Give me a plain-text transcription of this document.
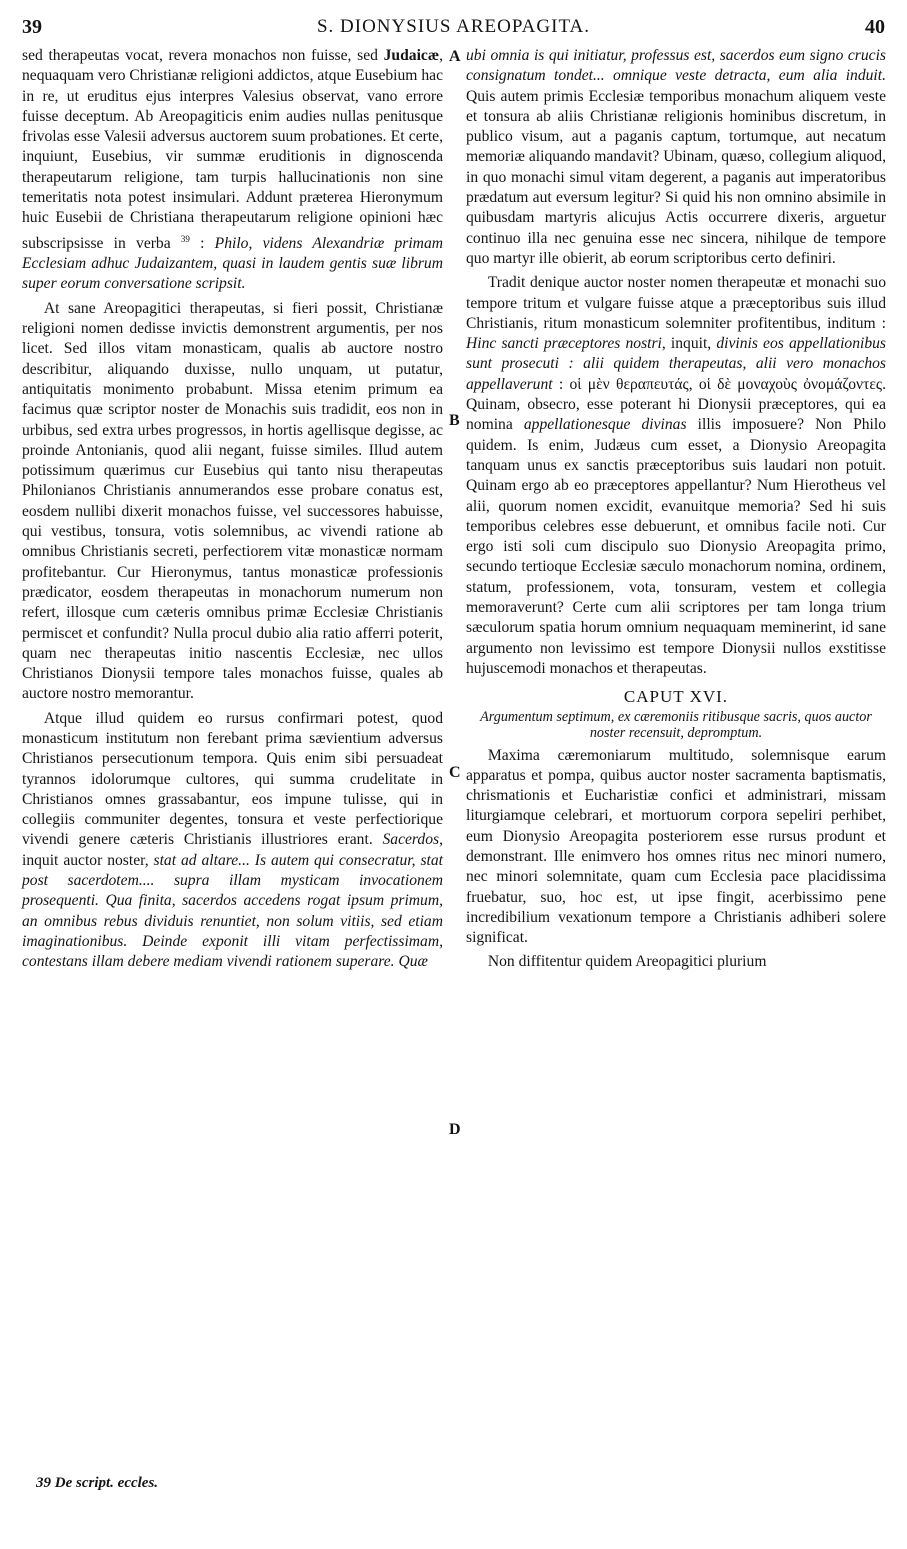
39	S. DIONYSIUS AREOPAGITA.	40

sed therapeutas vocat, revera monachos non fuisse, sed Judaicæ, nequaquam vero Christianæ religioni addictos, atque Eusebium hac in re, ut eruditus ejus interpres Valesius observat, vano errore fuisse deceptum. Ab Areopagiticis enim audies nullas penitusque frivolas esse Valesii adversus auctorem suum probationes. Et certe, inquiunt, Eusebius, vir summæ eruditionis in dignoscenda therapeutarum religione, tam turpis hallucinationis non sine temeritatis nota potest insimulari. Addunt præterea Hieronymum huic Eusebii de Christiana therapeutarum religione opinioni hæc subscripsisse in verba $^{39}$ : Philo, videns Alexandriæ primam Ecclesiam adhuc Judaizantem, quasi in laudem gentis suæ librum super eorum conversatione scripsit.

At sane Areopagitici therapeutas, si fieri possit, Christianæ religioni nomen dedisse invictis demonstrent argumentis, per nos licet. Sed illos vitam monasticam, qualis ab auctore nostro describitur, aliquando duxisse, nullo unquam, ut putatur, antiquitatis monimento probabunt. Missa etenim primum ea facimus quæ scriptor noster de Monachis suis tradidit, eos non in urbibus, sed extra urbes progressos, in hortis agellisque degisse, ac proinde Antonianis, quod alii negant, fuisse similes. Illud autem potissimum quærimus cur Eusebius qui tanto nisu therapeutas Philonianos Christianis annumerandos esse probare conatus est, eosdem nullibi dixerit monachos fuisse, vel successores habuisse, qui vestibus, tonsura, votis solemnibus, ac vivendi ratione ab omnibus Christianis secreti, perfectiorem vitæ monasticæ normam profitebantur. Cur Hieronymus, tantus monasticæ professionis prædicator, eosdem therapeutas in monachorum numerum non refert, illosque cum cæteris omnibus primæ Ecclesiæ Christianis permiscet et confundit? Nulla procul dubio alia ratio afferri poterit, quam nec therapeutas initio nascentis Ecclesiæ, nec ullos Christianos Dionysii tempore tales monachos fuisse, quales ab auctore nostro memorantur.

Atque illud quidem eo rursus confirmari potest, quod monasticum institutum non ferebant prima sævientium adversus Christianos persecutionum tempora. Quis enim sibi persuadeat tyrannos idolorumque cultores, qui summa crudelitate in Christianos omnes grassabantur, eos impune tulisse, qui in collegiis communiter degentes, tonsura et veste perfectiorique vivendi genere cæteris Christianis illustriores erant. Sacerdos, inquit auctor noster, stat ad altare... Is autem qui consecratur, stat post sacerdotem.... supra illam mysticam invocationem prosequenti. Qua finita, sacerdos accedens rogat ipsum primum, an omnibus rebus dividuis renuntiet, non solum vitiis, sed etiam imaginationibus. Deinde exponit illi vitam perfectissimam, contestans illam debere mediam vivendi rationem superare. Quæ

ubi omnia is qui initiatur, professus est, sacerdos eum signo crucis consignatum tondet... omnique veste detracta, eum alia induit. Quis autem primis Ecclesiæ temporibus monachum aliquem veste et tonsura ab aliis Christianæ religionis hominibus discretum, in publico visum, aut a paganis captum, tortumque, aut necatum memoriæ aliquando mandavit? Ubinam, quæso, collegium aliquod, in quo monachi simul vitam degerent, a paganis aut imperatoribus prædatum aut eversum legitur? Si quid his non omnino absimile in quibusdam martyris alicujus Actis occurrere dixeris, arguetur continuo illa nec genuina esse nec sincera, nihilque de tempore quo martyr ille obierit, ab eorum scriptoribus certo definiri.

Tradit denique auctor noster nomen therapeutæ et monachi suo tempore tritum et vulgare fuisse atque a præceptoribus suis illud Christianis, ritum monasticum solemniter profitentibus, inditum : Hinc sancti præceptores nostri, inquit, divinis eos appellationibus sunt prosecuti : alii quidem therapeutas, alii vero monachos appellaverunt : οἱ μὲν θεραπευτάς, οἱ δὲ μοναχοὺς ὀνομάζοντες. Quinam, obsecro, esse poterant hi Dionysii præceptores, qui ea nomina appellationesque divinas illis imposuere? Non Philo quidem. Is enim, Judæus cum esset, a Dionysio Areopagita tanquam unus ex sanctis præceptoribus suis laudari non potuit. Quinam ergo ab eo præceptores appellantur? Num Hierotheus vel alii, quorum nomen excidit, evanuitque memoria? Sed hi suis temporibus celebres esse debuerunt, et omnibus facile noti. Cur ergo isti soli cum discipulo suo Dionysio Areopagita primo, secundo tertioque Ecclesiæ sæculo monachorum nomina, ordinem, statum, professionem, vota, tonsuram, vestem et collegia memoraverunt? Certe cum alii scriptores per tam longa trium sæculorum spatia horum omnium nequaquam meminerint, id sane argumento non levissimo est tempore Dionysii nullos exstitisse hujuscemodi monachos et therapeutas.

CAPUT XVI.
Argumentum septimum, ex cæremoniis ritibusque sacris, quos auctor noster recensuit, depromptum.

Maxima cæremoniarum multitudo, solemnisque earum apparatus et pompa, quibus auctor noster sacramenta baptismatis, chrismationis et Eucharistiæ confici et administrari, missam liturgiamque celebrari, et mortuorum corpora sepeliri perhibet, eum Dionysio Areopagita posteriorem esse rursus produnt et demonstrant. Ille enimvero hos omnes ritus nec minori numero, nec minori solemnitate, quam cum Ecclesia pace placidissima fruebatur, suo, hoc est, ut ipse fingit, acerbissimo pene incredibilium vexationum tempore a Christianis adhiberi solere significat.

Non diffitentur quidem Areopagitici plurium

A
B
C
D
39 De script. eccles.
